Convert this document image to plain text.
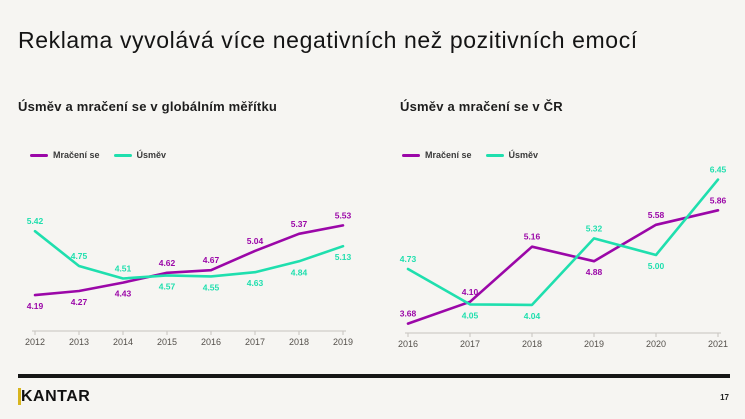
Reklama vyvolává více negativních než pozitivních emocí
Úsměv a mračení se v globálním měřítku	Úsměv a mračení se v ČR
Mračení se	Úsměv	Mračení se	Úsměv
2012	2013	2014	2015	2016	2017	2018	2019
4.19	4.27
4.43
4.62	4.67
5.04
5.37
5.53
5.42
4.75
4.51
4.57	4.55	4.63
4.84
5.13
2016	2017	2018	2019	2020	2021
3.68
4.10
5.16
4.88
5.58
5.86
4.73
4.05	4.04
5.32
5.00
6.45
KANTAR	17
